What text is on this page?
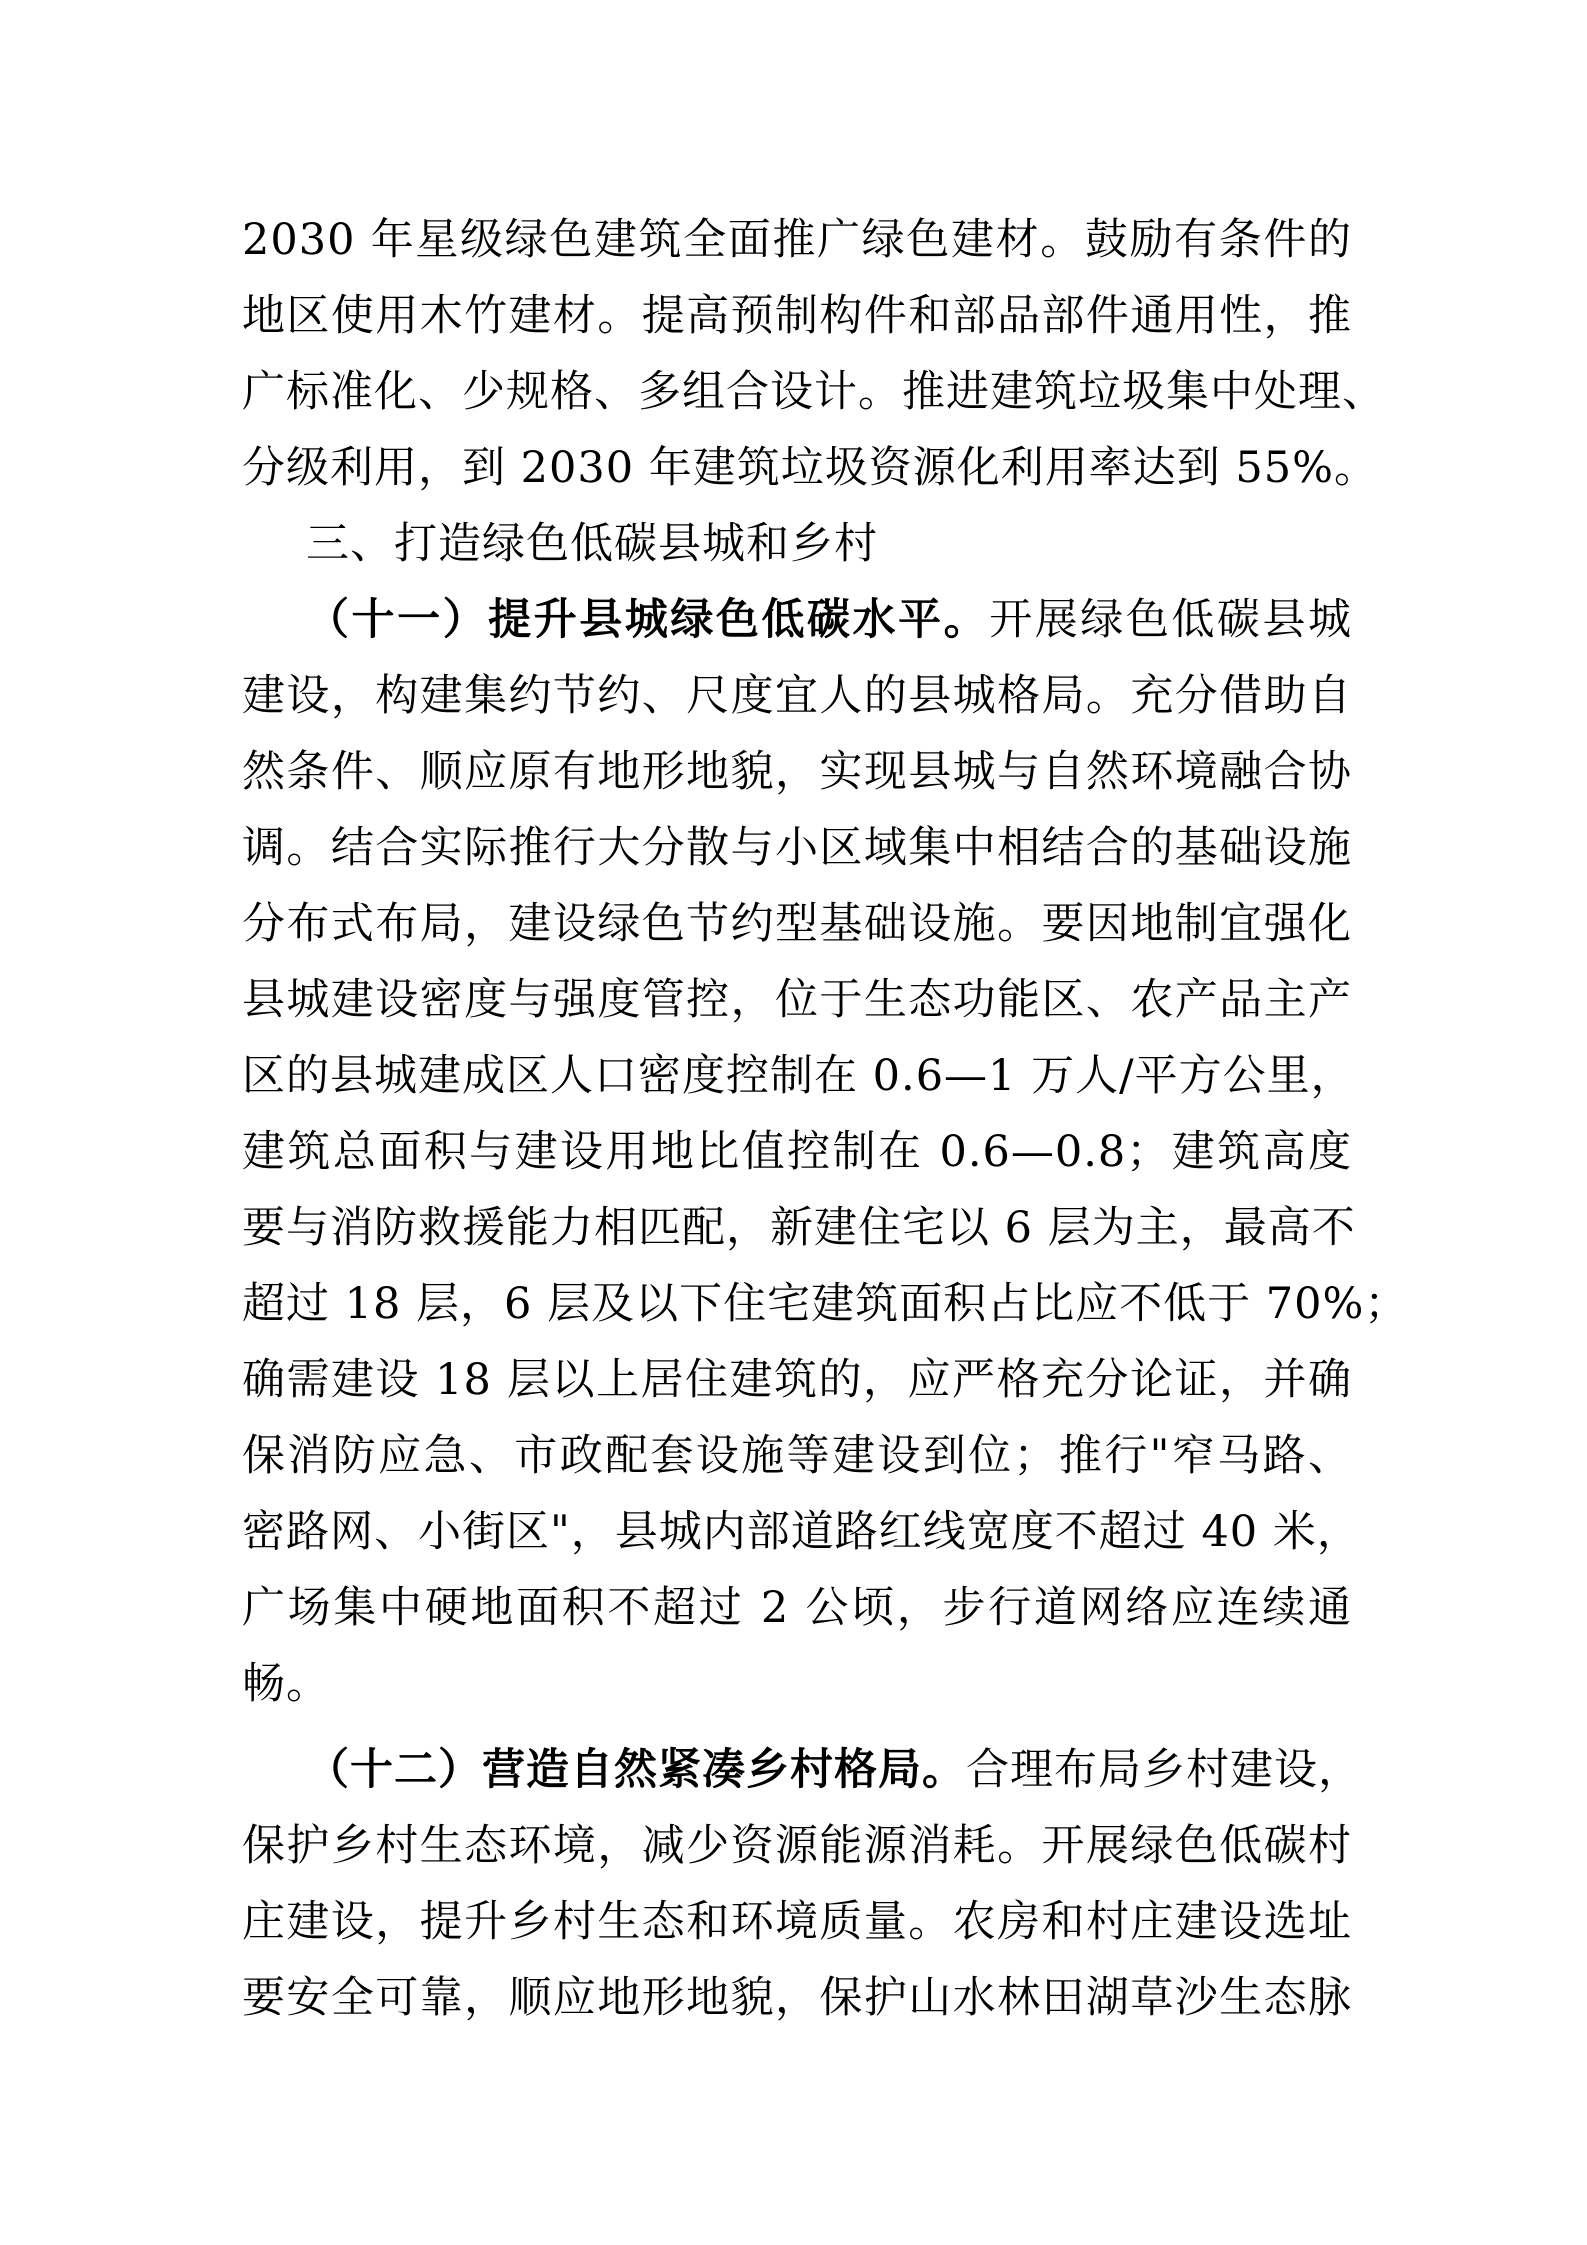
2030 年星级绿色建筑全面推广绿色建材。鼓励有条件的
地区使用木竹建材。提高预制构件和部品部件通用性，推
广标准化、少规格、多组合设计。推进建筑垃圾集中处理、
分级利用，到 2030 年建筑垃圾资源化利用率达到 55%。
三、打造绿色低碳县城和乡村
（十一）提升县城绿色低碳水平。开展绿色低碳县城
建设，构建集约节约、尺度宜人的县城格局。充分借助自
然条件、顺应原有地形地貌，实现县城与自然环境融合协
调。结合实际推行大分散与小区域集中相结合的基础设施
分布式布局，建设绿色节约型基础设施。要因地制宜强化
县城建设密度与强度管控，位于生态功能区、农产品主产
区的县城建成区人口密度控制在 0.6—1 万人/平方公里，
建筑总面积与建设用地比值控制在 0.6—0.8；建筑高度
要与消防救援能力相匹配，新建住宅以 6 层为主，最高不
超过 18 层，6 层及以下住宅建筑面积占比应不低于 70%；
确需建设 18 层以上居住建筑的，应严格充分论证，并确
保消防应急、市政配套设施等建设到位；推行"窄马路、
密路网、小街区"，县城内部道路红线宽度不超过 40 米，
广场集中硬地面积不超过 2 公顷，步行道网络应连续通
畅。
（十二）营造自然紧凑乡村格局。合理布局乡村建设，
保护乡村生态环境，减少资源能源消耗。开展绿色低碳村
庄建设，提升乡村生态和环境质量。农房和村庄建设选址
要安全可靠，顺应地形地貌，保护山水林田湖草沙生态脉
